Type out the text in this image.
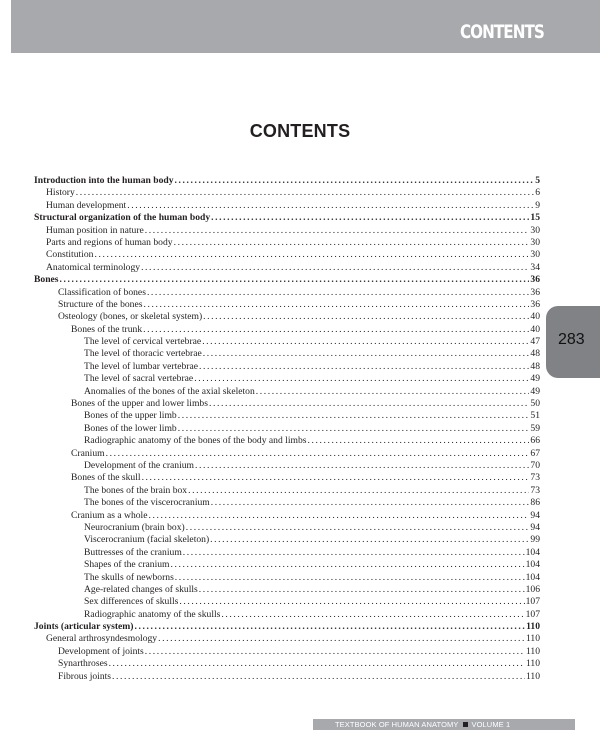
CONTENTS
CONTENTS
283
Introduction into the human body .....	5
History .....	6
Human development .....	9
Structural organization of the human body .....	15
Human position in nature .....	30
Parts and regions of human body .....	30
Constitution .....	30
Anatomical terminology .....	34
Bones .....	36
Classification of bones .....	36
Structure of the bones .....	36
Osteology (bones, or skeletal system) .....	40
Bones of the trunk .....	40
The level of cervical vertebrae .....	47
The level of thoracic vertebrae .....	48
The level of lumbar vertebrae .....	48
The level of sacral vertebrae .....	49
Anomalies of the bones of the axial skeleton .....	49
Bones of the upper and lower limbs .....	50
Bones of the upper limb .....	51
Bones of the lower limb .....	59
Radiographic anatomy of the bones of the body and limbs .....	66
Cranium .....	67
Development of the cranium .....	70
Bones of the skull .....	73
The bones of the brain box .....	73
The bones of the viscerocranium .....	86
Cranium as a whole .....	94
Neurocranium (brain box) .....	94
Viscerocranium (facial skeleton) .....	99
Buttresses of the cranium .....	104
Shapes of the cranium .....	104
The skulls of newborns .....	104
Age-related changes of skulls .....	106
Sex differences of skulls .....	107
Radiographic anatomy of the skulls .....	107
Joints (articular system) .....	110
General arthrosyndesmology .....	110
Development of joints .....	110
Synarthroses .....	110
Fibrous joints .....	110
TEXTBOOK OF HUMAN ANATOMY VOLUME 1
